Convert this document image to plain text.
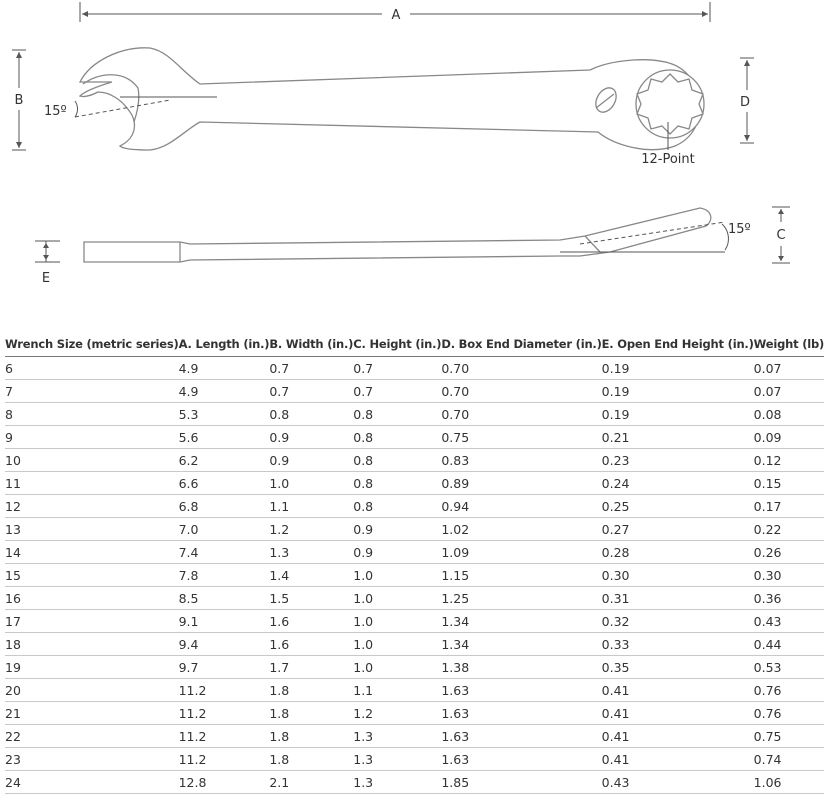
A
15º
B	D
12-Point
15º
E
C
Wrench Size (metric series)	A. Length (in.)	B. Width (in.)	C. Height (in.)	D. Box End Diameter (in.)	E. Open End Height (in.)	Weight (lb)
6	4.9	0.7	0.7	0.70	0.19	0.07
7	4.9	0.7	0.7	0.70	0.19	0.07
8	5.3	0.8	0.8	0.70	0.19	0.08
9	5.6	0.9	0.8	0.75	0.21	0.09
10	6.2	0.9	0.8	0.83	0.23	0.12
11	6.6	1.0	0.8	0.89	0.24	0.15
12	6.8	1.1	0.8	0.94	0.25	0.17
13	7.0	1.2	0.9	1.02	0.27	0.22
14	7.4	1.3	0.9	1.09	0.28	0.26
15	7.8	1.4	1.0	1.15	0.30	0.30
16	8.5	1.5	1.0	1.25	0.31	0.36
17	9.1	1.6	1.0	1.34	0.32	0.43
18	9.4	1.6	1.0	1.34	0.33	0.44
19	9.7	1.7	1.0	1.38	0.35	0.53
20	11.2	1.8	1.1	1.63	0.41	0.76
21	11.2	1.8	1.2	1.63	0.41	0.76
22	11.2	1.8	1.3	1.63	0.41	0.75
23	11.2	1.8	1.3	1.63	0.41	0.74
24	12.8	2.1	1.3	1.85	0.43	1.06
